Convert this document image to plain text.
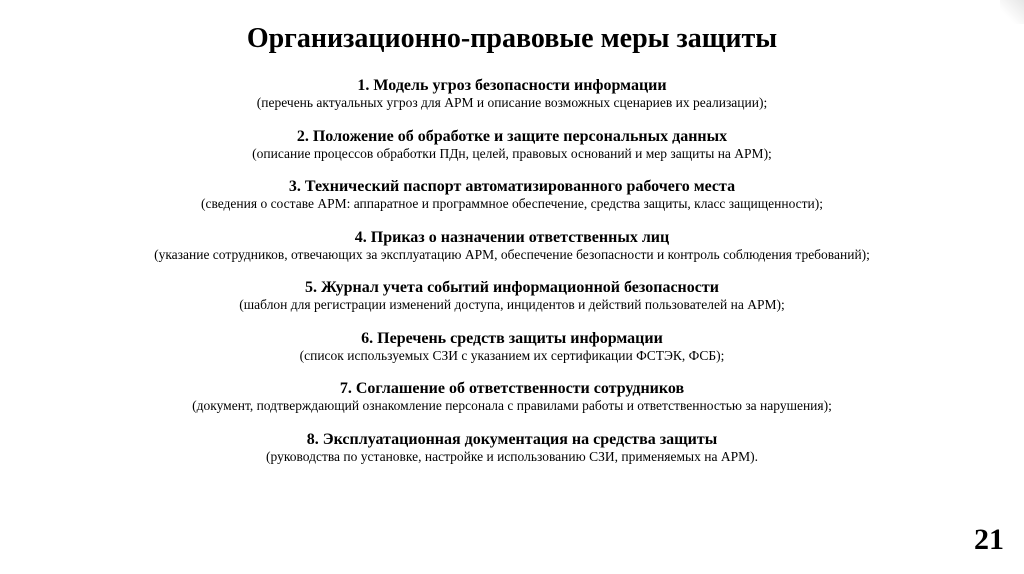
Организационно-правовые меры защиты
1. Модель угроз безопасности информации
(перечень актуальных угроз для АРМ и описание возможных сценариев их реализации);
2. Положение об обработке и защите персональных данных
(описание процессов обработки ПДн, целей, правовых оснований и мер защиты на АРМ);
3. Технический паспорт автоматизированного рабочего места
(сведения о составе АРМ: аппаратное и программное обеспечение, средства защиты, класс защищенности);
4. Приказ о назначении ответственных лиц
(указание сотрудников, отвечающих за эксплуатацию АРМ, обеспечение безопасности и контроль соблюдения требований);
5. Журнал учета событий информационной безопасности
(шаблон для регистрации изменений доступа, инцидентов и действий пользователей на АРМ);
6. Перечень средств защиты информации
(список используемых СЗИ с указанием их сертификации ФСТЭК, ФСБ);
7. Соглашение об ответственности сотрудников
(документ, подтверждающий ознакомление персонала с правилами работы и ответственностью за нарушения);
8. Эксплуатационная документация на средства защиты
(руководства по установке, настройке и использованию СЗИ, применяемых на АРМ).
21
